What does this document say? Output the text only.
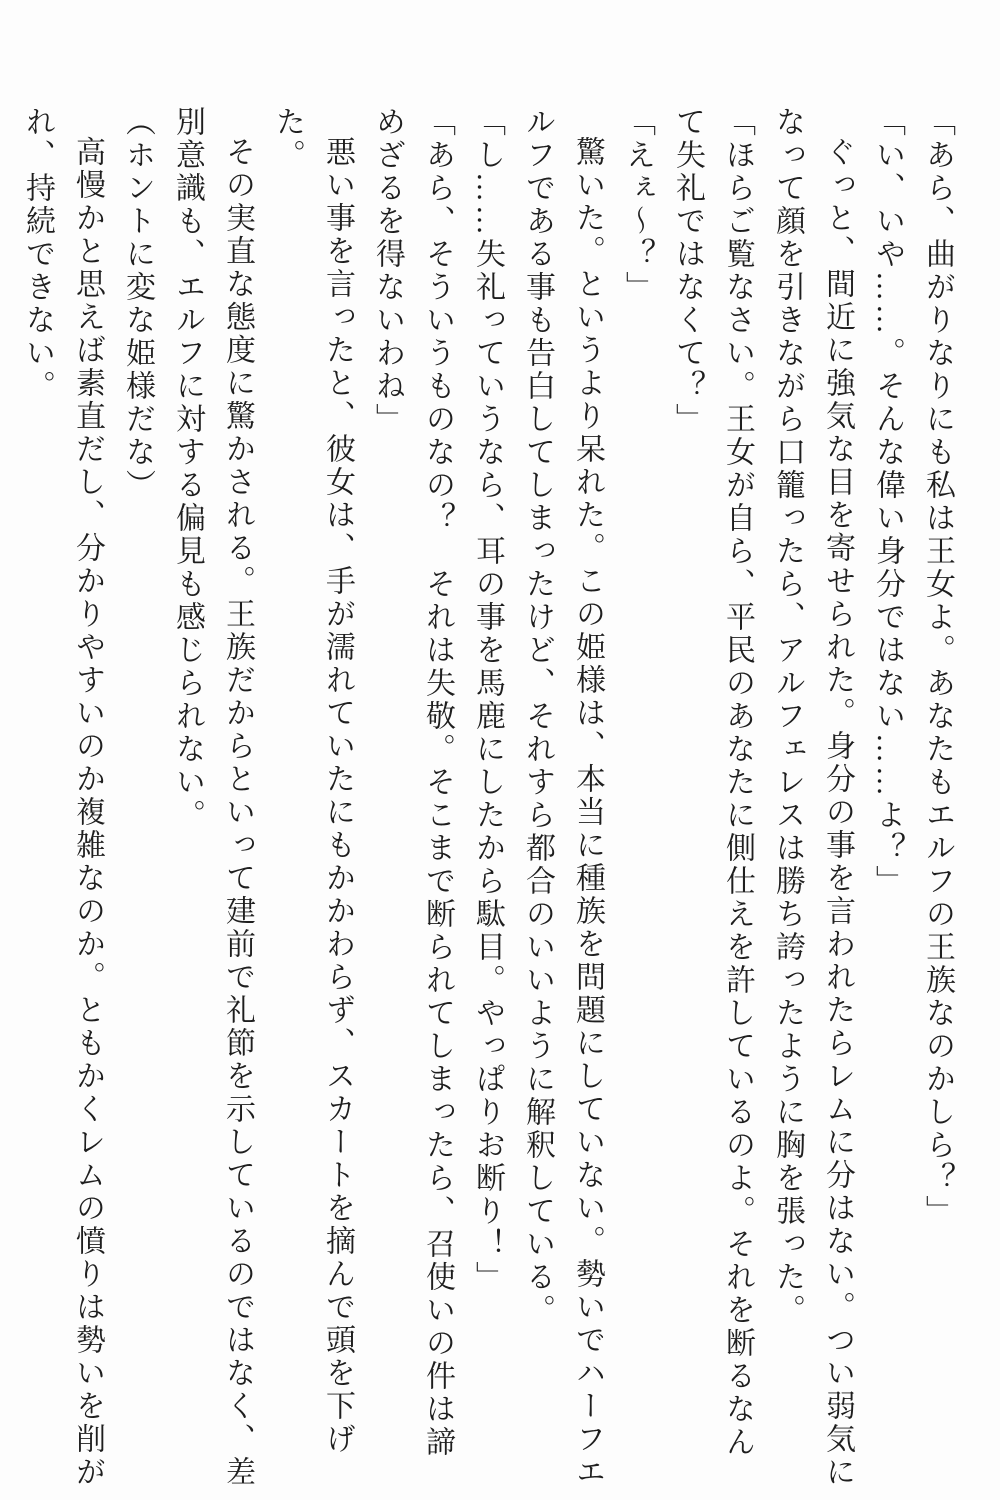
「あら、曲がりなりにも私は王女よ。あなたもエルフの王族なのかしら？」

「い、いや……。そんな偉い身分ではない……よ？」

ぐっと、間近に強気な目を寄せられた。身分の事を言われたらレムに分はない。つい弱気になって顔を引きながら口籠ったら、アルフェレスは勝ち誇ったように胸を張った。

「ほらご覧なさい。王女が自ら、平民のあなたに側仕えを許しているのよ。それを断るなんて失礼ではなくて？」

「えぇ～？」

驚いた。というより呆れた。この姫様は、本当に種族を問題にしていない。勢いでハーフエルフである事も告白してしまったけど、それすら都合のいいように解釈している。

「し……失礼っていうなら、耳の事を馬鹿にしたから駄目。やっぱりお断り！」

「あら、そういうものなの？　それは失敬。そこまで断られてしまったら、召使いの件は諦めざるを得ないわね」

悪い事を言ったと、彼女は、手が濡れていたにもかかわらず、スカートを摘んで頭を下げた。

その実直な態度に驚かされる。王族だからといって建前で礼節を示しているのではなく、差別意識も、エルフに対する偏見も感じられない。

（ホントに変な姫様だな）

高慢かと思えば素直だし、分かりやすいのか複雑なのか。ともかくレムの憤りは勢いを削がれ、持続できない。
